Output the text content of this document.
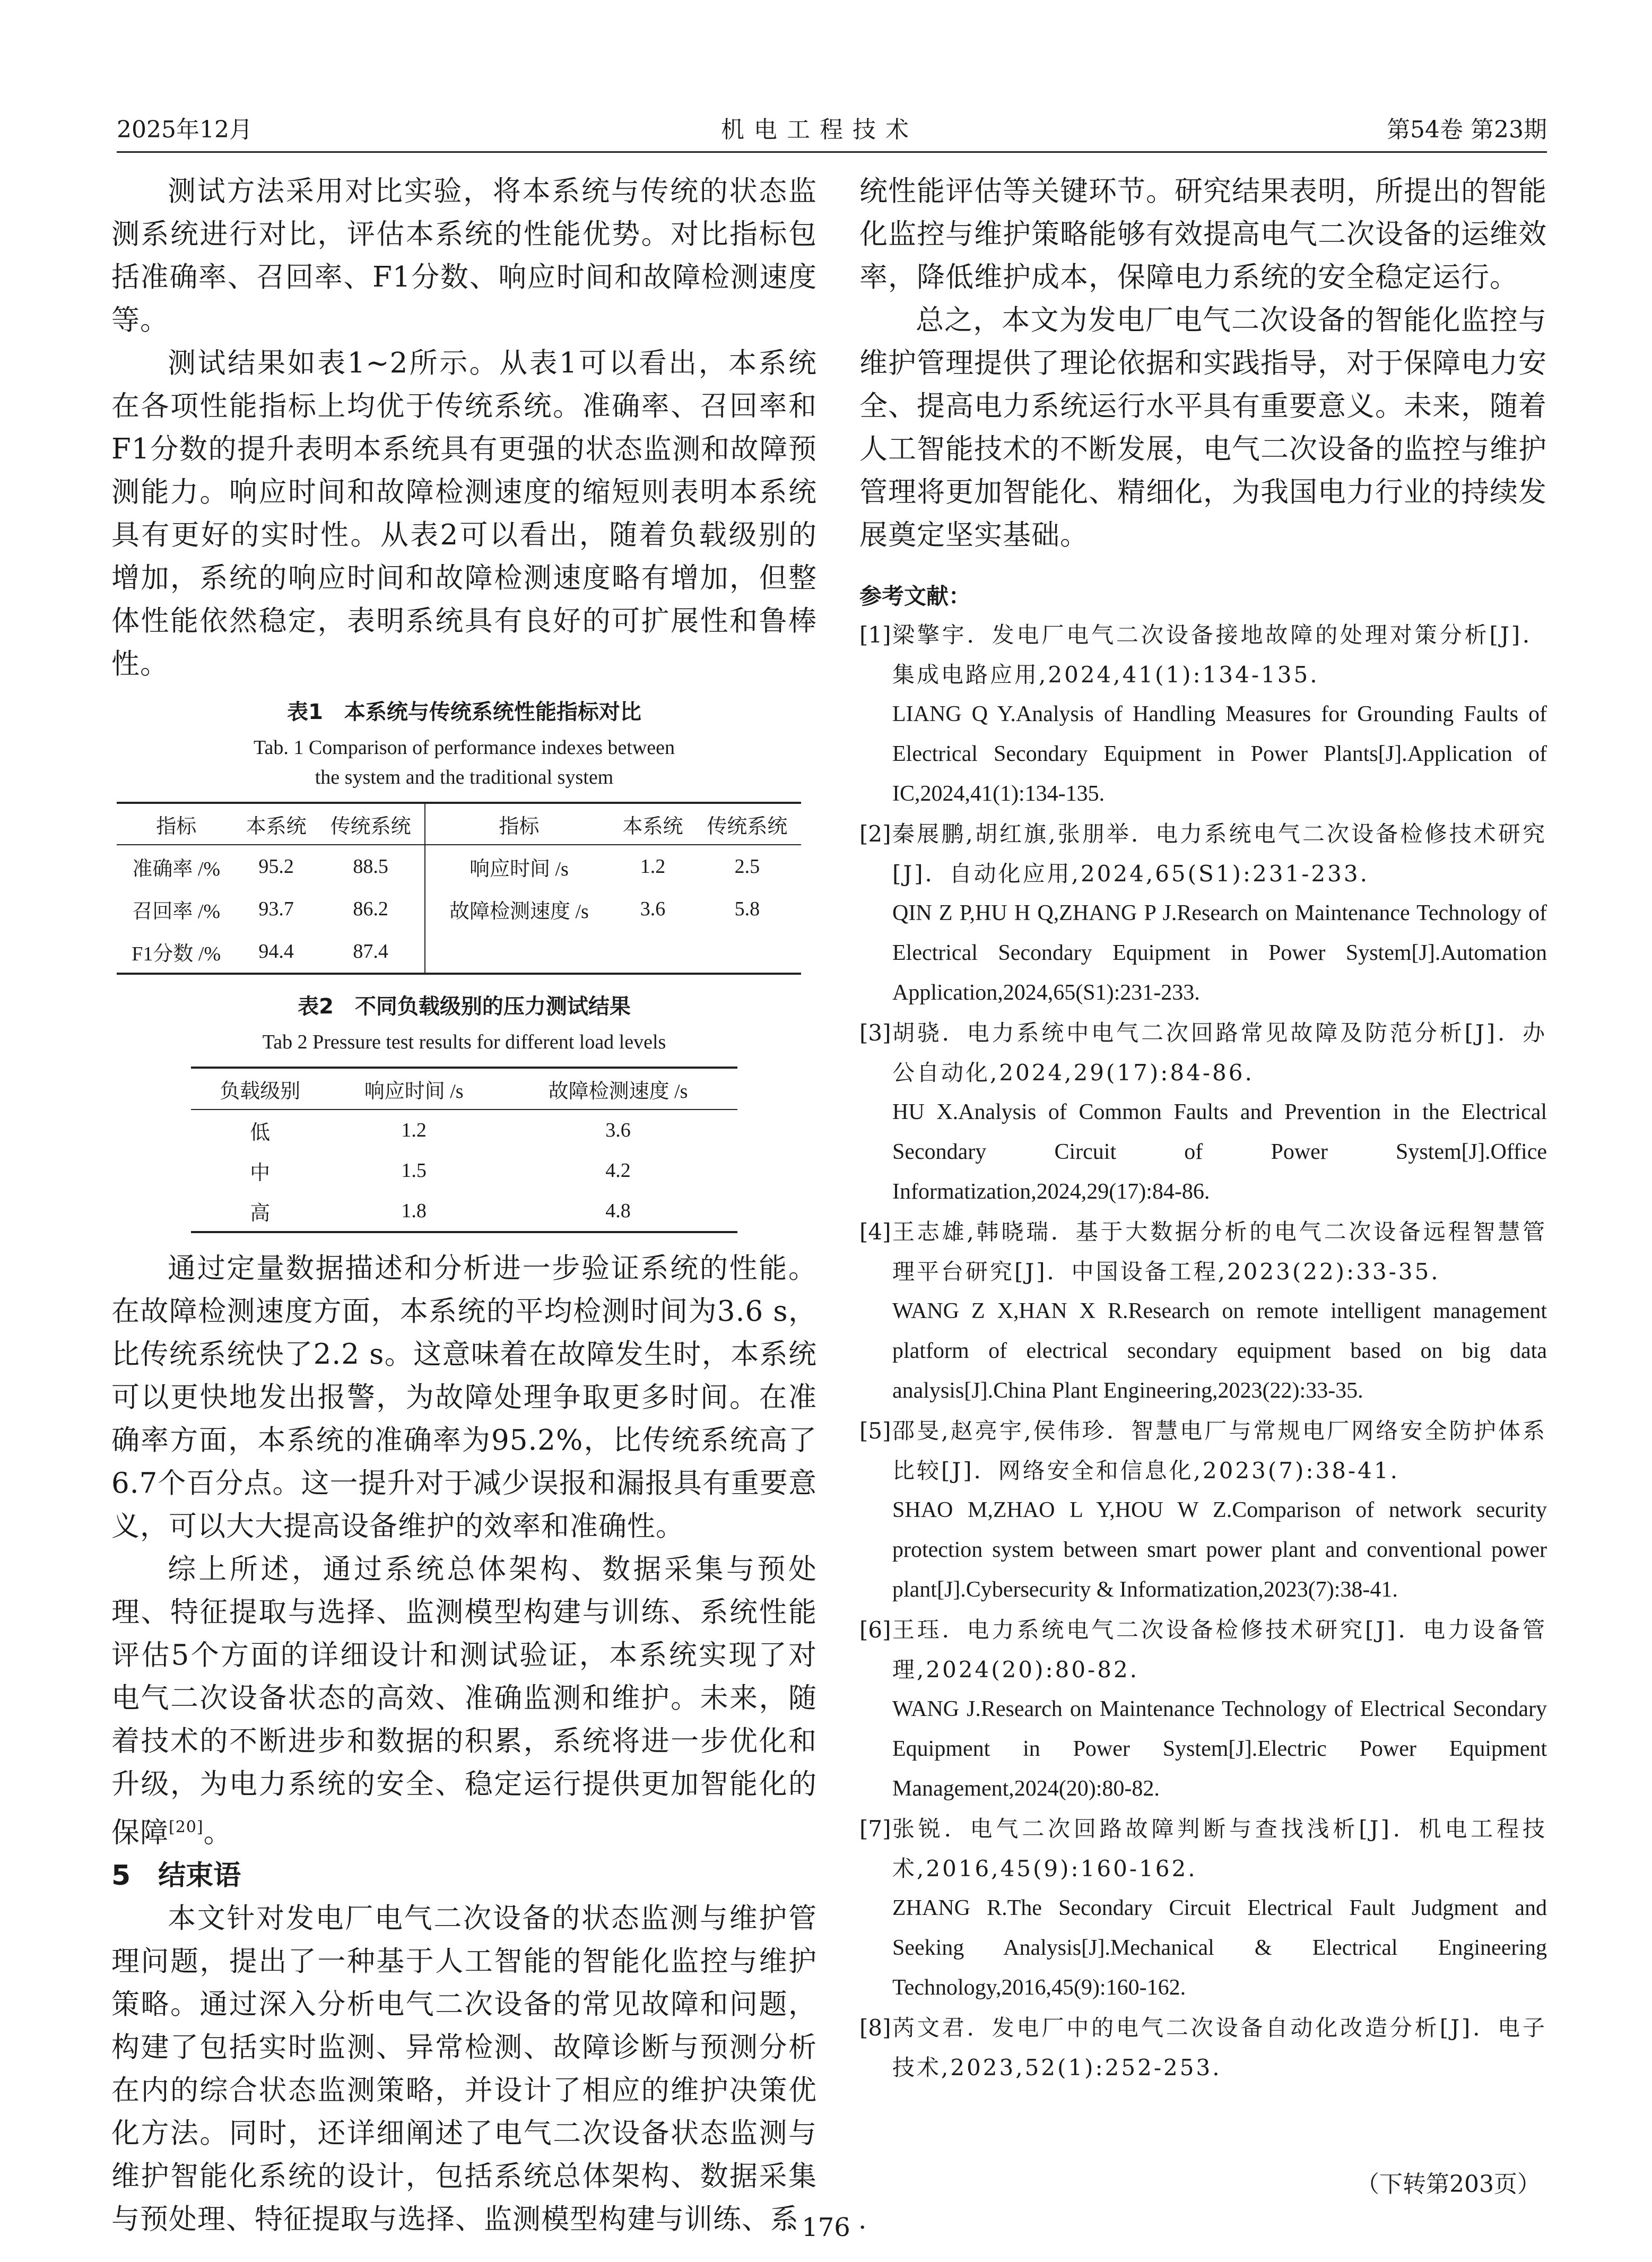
2025年12月	机电工程技术	第54卷 第23期

测试方法采用对比实验，将本系统与传统的状态监测系统进行对比，评估本系统的性能优势。对比指标包括准确率、召回率、F1分数、响应时间和故障检测速度等。

测试结果如表1~2所示。从表1可以看出，本系统在各项性能指标上均优于传统系统。准确率、召回率和F1分数的提升表明本系统具有更强的状态监测和故障预测能力。响应时间和故障检测速度的缩短则表明本系统具有更好的实时性。从表2可以看出，随着负载级别的增加，系统的响应时间和故障检测速度略有增加，但整体性能依然稳定，表明系统具有良好的可扩展性和鲁棒性。

表1　本系统与传统系统性能指标对比

Tab. 1 Comparison of performance indexes between

the system and the traditional system

指标	本系统	传统系统	指标	本系统	传统系统
准确率 /%	95.2	88.5	响应时间 /s	1.2	2.5
召回率 /%	93.7	86.2	故障检测速度 /s	3.6	5.8
F1分数 /%	94.4	87.4			

表2　不同负载级别的压力测试结果

Tab 2 Pressure test results for different load levels

负载级别	响应时间 /s	故障检测速度 /s
低	1.2	3.6
中	1.5	4.2
高	1.8	4.8

通过定量数据描述和分析进一步验证系统的性能。在故障检测速度方面，本系统的平均检测时间为3.6 s，比传统系统快了2.2 s。这意味着在故障发生时，本系统可以更快地发出报警，为故障处理争取更多时间。在准确率方面，本系统的准确率为95.2%，比传统系统高了6.7个百分点。这一提升对于减少误报和漏报具有重要意义，可以大大提高设备维护的效率和准确性。

综上所述，通过系统总体架构、数据采集与预处理、特征提取与选择、监测模型构建与训练、系统性能评估5个方面的详细设计和测试验证，本系统实现了对电气二次设备状态的高效、准确监测和维护。未来，随着技术的不断进步和数据的积累，系统将进一步优化和升级，为电力系统的安全、稳定运行提供更加智能化的保障[20]。

5　结束语

本文针对发电厂电气二次设备的状态监测与维护管理问题，提出了一种基于人工智能的智能化监控与维护策略。通过深入分析电气二次设备的常见故障和问题，构建了包括实时监测、异常检测、故障诊断与预测分析在内的综合状态监测策略，并设计了相应的维护决策优化方法。同时，还详细阐述了电气二次设备状态监测与维护智能化系统的设计，包括系统总体架构、数据采集与预处理、特征提取与选择、监测模型构建与训练、系

统性能评估等关键环节。研究结果表明，所提出的智能化监控与维护策略能够有效提高电气二次设备的运维效率，降低维护成本，保障电力系统的安全稳定运行。

总之，本文为发电厂电气二次设备的智能化监控与维护管理提供了理论依据和实践指导，对于保障电力安全、提高电力系统运行水平具有重要意义。未来，随着人工智能技术的不断发展，电气二次设备的监控与维护管理将更加智能化、精细化，为我国电力行业的持续发展奠定坚实基础。

参考文献：
[1] 梁擎宇．发电厂电气二次设备接地故障的处理对策分析[J]．集成电路应用,2024,41(1):134-135.
LIANG Q Y.Analysis of Handling Measures for Grounding Faults of Electrical Secondary Equipment in Power Plants[J].Application of IC,2024,41(1):134-135.
[2] 秦展鹏,胡红旗,张朋举．电力系统电气二次设备检修技术研究[J]．自动化应用,2024,65(S1):231-233.
QIN Z P,HU H Q,ZHANG P J.Research on Maintenance Technology of Electrical Secondary Equipment in Power System[J].Automation Application,2024,65(S1):231-233.
[3] 胡骁．电力系统中电气二次回路常见故障及防范分析[J]．办公自动化,2024,29(17):84-86.
HU X.Analysis of Common Faults and Prevention in the Electrical Secondary Circuit of Power System[J].Office Informatization,2024,29(17):84-86.
[4] 王志雄,韩晓瑞．基于大数据分析的电气二次设备远程智慧管理平台研究[J]．中国设备工程,2023(22):33-35.
WANG Z X,HAN X R.Research on remote intelligent management platform of electrical secondary equipment based on big data analysis[J].China Plant Engineering,2023(22):33-35.
[5] 邵旻,赵亮宇,侯伟珍．智慧电厂与常规电厂网络安全防护体系比较[J]．网络安全和信息化,2023(7):38-41.
SHAO M,ZHAO L Y,HOU W Z.Comparison of network security protection system between smart power plant and conventional power plant[J].Cybersecurity & Informatization,2023(7):38-41.
[6] 王珏．电力系统电气二次设备检修技术研究[J]．电力设备管理,2024(20):80-82.
WANG J.Research on Maintenance Technology of Electrical Secondary Equipment in Power System[J].Electric Power Equipment Management,2024(20):80-82.
[7] 张锐．电气二次回路故障判断与查找浅析[J]．机电工程技术,2016,45(9):160-162.
ZHANG R.The Secondary Circuit Electrical Fault Judgment and Seeking Analysis[J].Mechanical & Electrical Engineering Technology,2016,45(9):160-162.
[8] 芮文君．发电厂中的电气二次设备自动化改造分析[J]．电子技术,2023,52(1):252-253.
（下转第203页）
· 176 ·
